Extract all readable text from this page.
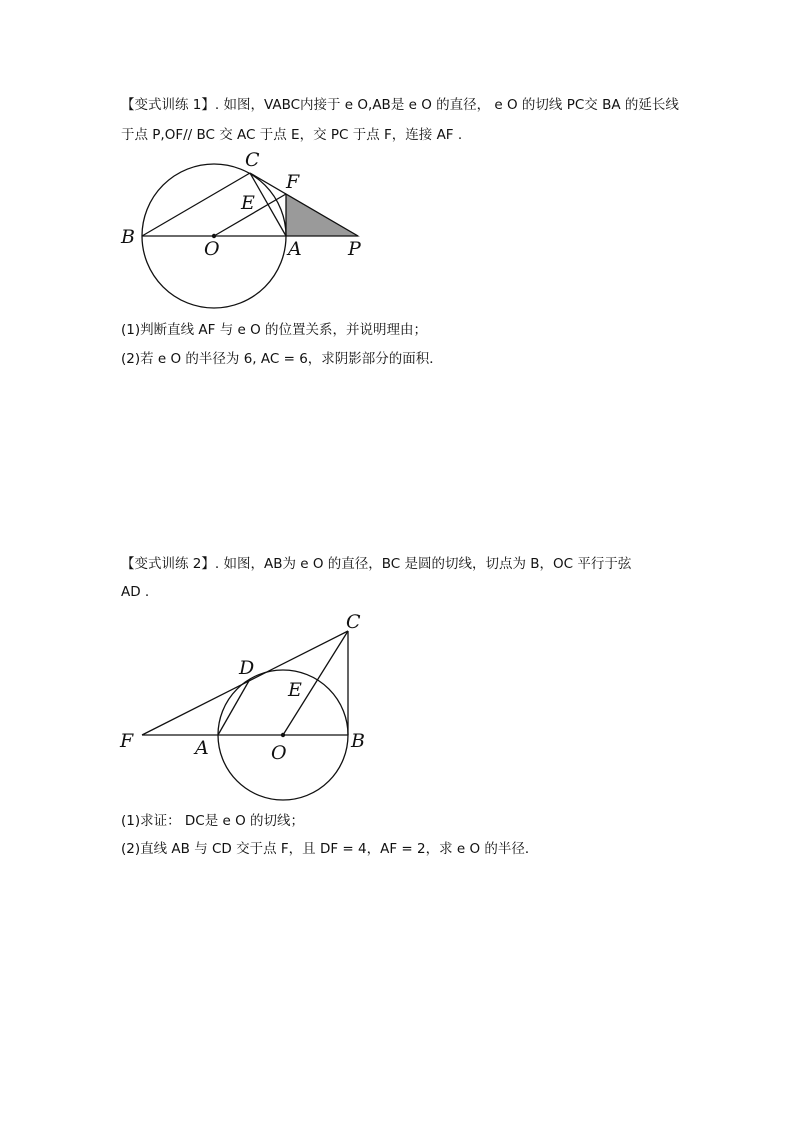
【变式训练 1】. 如图，VABC内接于 e O,AB是 e O 的直径， e O 的切线 PC交 BA 的延长线
于点 P,OF// BC 交 AC 于点 E，交 PC 于点 F，连接 AF .
C
F
E
B
O	A P
(1)判断直线 AF 与 e O 的位置关系，并说明理由；
(2)若 e O 的半径为 6, AC = 6，求阴影部分的面积．
【变式训练 2】. 如图，AB为 e O 的直径，BC 是圆的切线，切点为 B，OC 平行于弦
AD .
C
D
E
F	A	O
B
(1)求证： DC是 e O 的切线；
(2)直线 AB 与 CD 交于点 F，且 DF = 4，AF = 2，求 e O 的半径．
